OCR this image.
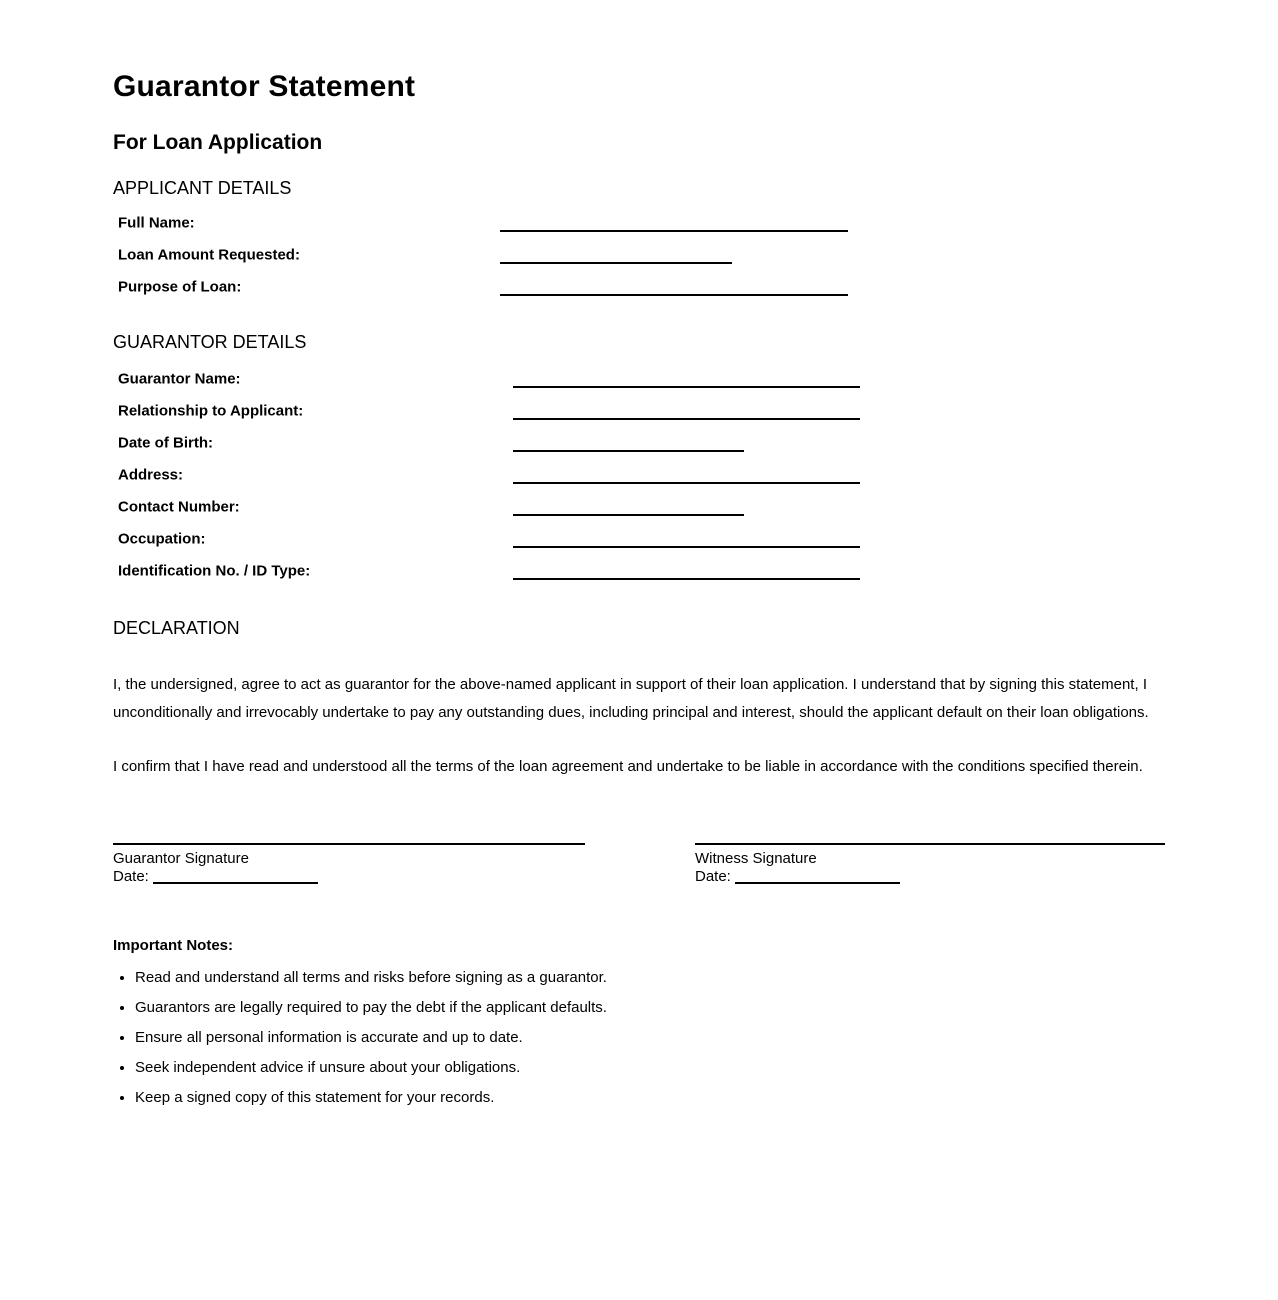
Guarantor Statement
For Loan Application
APPLICANT DETAILS
Full Name:
Loan Amount Requested:
Purpose of Loan:
GUARANTOR DETAILS
Guarantor Name:
Relationship to Applicant:
Date of Birth:
Address:
Contact Number:
Occupation:
Identification No. / ID Type:
DECLARATION

I, the undersigned, agree to act as guarantor for the above-named applicant in support of their loan application. I understand that by signing this statement, I unconditionally and irrevocably undertake to pay any outstanding dues, including principal and interest, should the applicant default on their loan obligations.

I confirm that I have read and understood all the terms of the loan agreement and undertake to be liable in accordance with the conditions specified therein.

Guarantor Signature
Date:
Witness Signature
Date:
Important Notes:
• Read and understand all terms and risks before signing as a guarantor.
• Guarantors are legally required to pay the debt if the applicant defaults.
• Ensure all personal information is accurate and up to date.
• Seek independent advice if unsure about your obligations.
• Keep a signed copy of this statement for your records.
